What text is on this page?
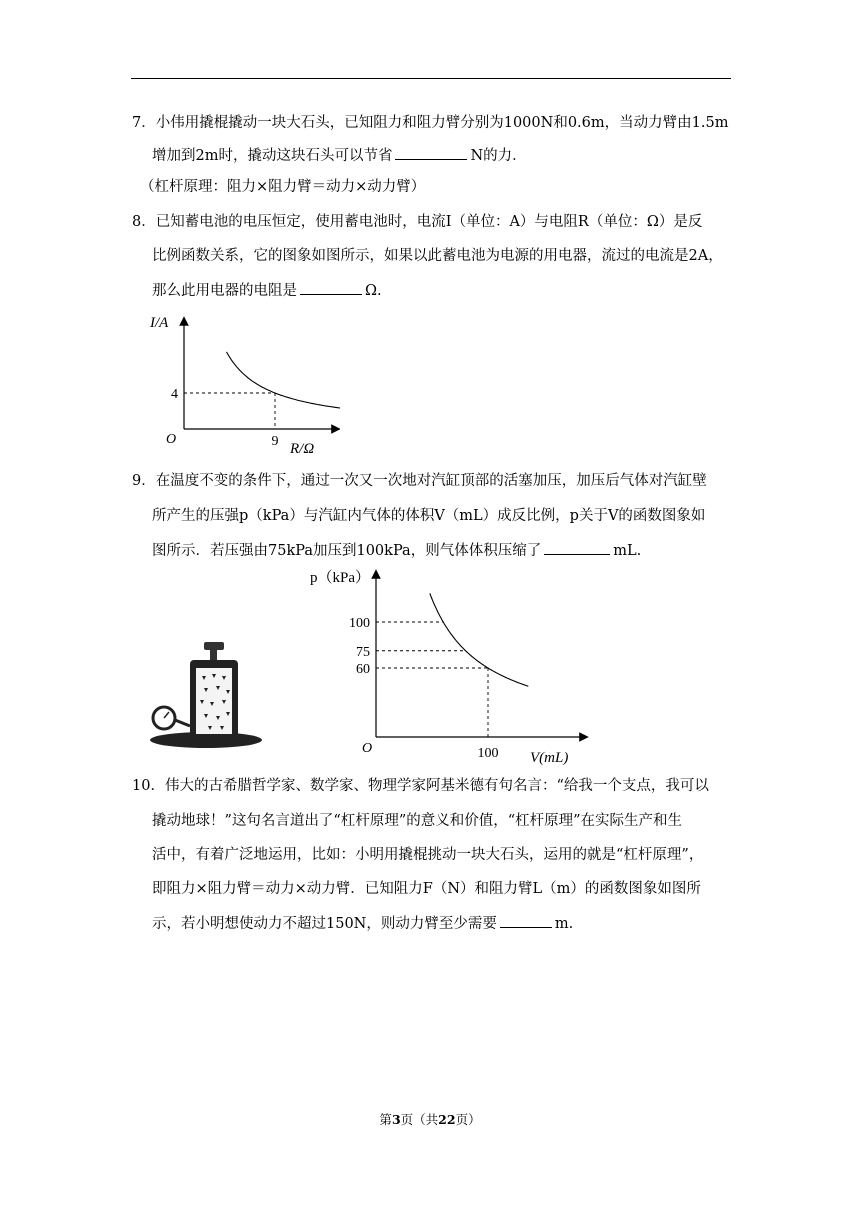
7．小伟用撬棍撬动一块大石头，已知阻力和阻力臂分别为1000N和0.6m，当动力臂由1.5m
增加到2m时，撬动这块石头可以节省	N的力．
（杠杆原理：阻力×阻力臂＝动力×动力臂）
8．已知蓄电池的电压恒定，使用蓄电池时，电流I（单位：A）与电阻R（单位：Ω）是反
比例函数关系，它的图象如图所示，如果以此蓄电池为电源的用电器，流过的电流是2A，
那么此用电器的电阻是	Ω.
I/A
R/Ω
O	9
4
9．在温度不变的条件下，通过一次又一次地对汽缸顶部的活塞加压，加压后气体对汽缸壁
所产生的压强p（kPa）与汽缸内气体的体积V（mL）成反比例，p关于V的函数图象如
图所示．若压强由75kPa加压到100kPa，则气体体积压缩了	mL.
p（kPa）
V(mL)
O	100
100
75
60
10．伟大的古希腊哲学家、数学家、物理学家阿基米德有句名言：“给我一个支点，我可以
撬动地球！”这句名言道出了“杠杆原理”的意义和价值，“杠杆原理”在实际生产和生
活中，有着广泛地运用，比如：小明用撬棍挑动一块大石头，运用的就是“杠杆原理”，
即阻力×阻力臂＝动力×动力臂．已知阻力F（N）和阻力臂L（m）的函数图象如图所
示，若小明想使动力不超过150N，则动力臂至少需要	m.
第3页（共22页）
